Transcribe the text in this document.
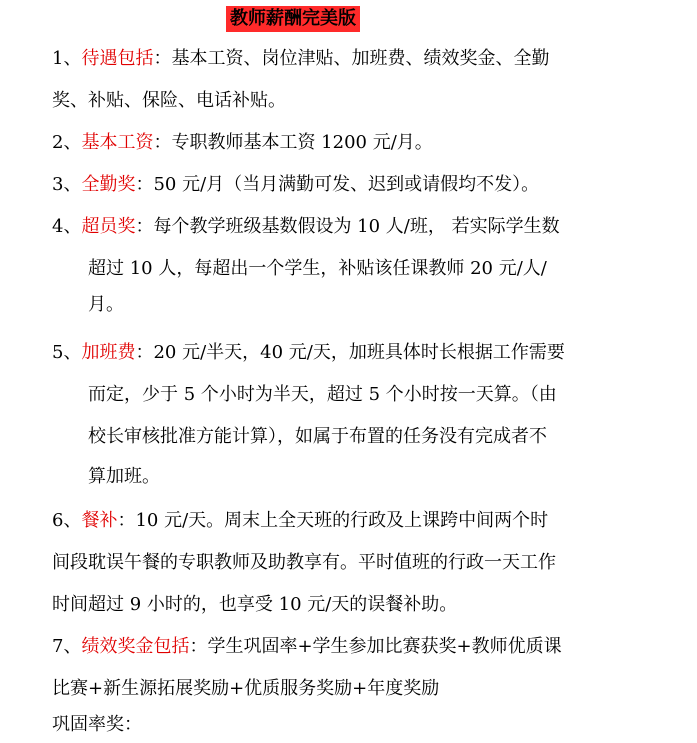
教师薪酬完美版
1、待遇包括：基本工资、岗位津贴、加班费、绩效奖金、全勤
奖、补贴、保险、电话补贴。
2、基本工资：专职教师基本工资 1200 元/月。
3、全勤奖：50 元/月（当月满勤可发、迟到或请假均不发）。
4、超员奖：每个教学班级基数假设为 10 人/班， 若实际学生数
超过 10 人，每超出一个学生，补贴该任课教师 20 元/人/
月。
5、加班费：20 元/半天，40 元/天，加班具体时长根据工作需要
而定，少于 5 个小时为半天，超过 5 个小时按一天算。（由
校长审核批准方能计算），如属于布置的任务没有完成者不
算加班。
6、餐补：10 元/天。周末上全天班的行政及上课跨中间两个时
间段耽误午餐的专职教师及助教享有。平时值班的行政一天工作
时间超过 9 小时的，也享受 10 元/天的误餐补助。
7、绩效奖金包括：学生巩固率+学生参加比赛获奖+教师优质课
比赛+新生源拓展奖励+优质服务奖励+年度奖励
巩固率奖：
